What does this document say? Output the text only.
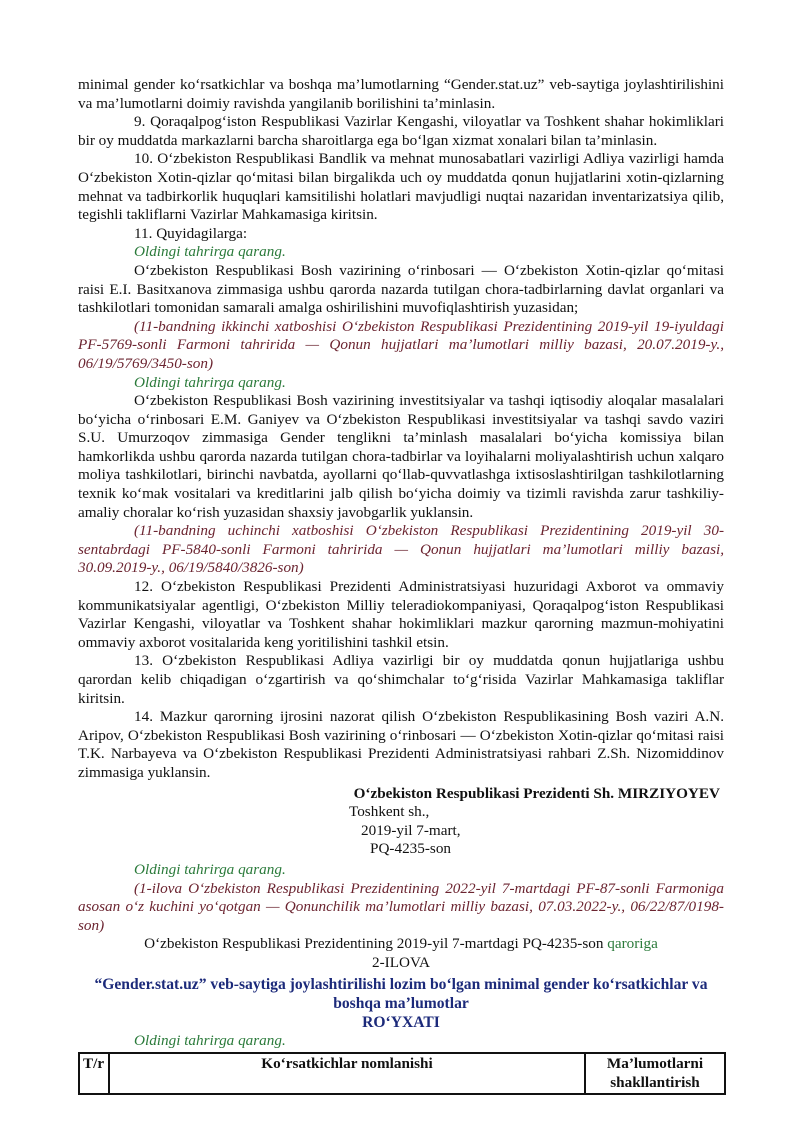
minimal gender ko‘rsatkichlar va boshqa ma’lumotlarning “Gender.stat.uz” veb-saytiga joylashtirilishini va ma’lumotlarni doimiy ravishda yangilanib borilishini ta’minlasin.

9. Qoraqalpog‘iston Respublikasi Vazirlar Kengashi, viloyatlar va Toshkent shahar hokimliklari bir oy muddatda markazlarni barcha sharoitlarga ega bo‘lgan xizmat xonalari bilan ta’minlasin.

10. O‘zbekiston Respublikasi Bandlik va mehnat munosabatlari vazirligi Adliya vazirligi hamda O‘zbekiston Xotin-qizlar qo‘mitasi bilan birgalikda uch oy muddatda qonun hujjatlarini xotin-qizlarning mehnat va tadbirkorlik huquqlari kamsitilishi holatlari mavjudligi nuqtai nazaridan inventarizatsiya qilib, tegishli takliflarni Vazirlar Mahkamasiga kiritsin.

11. Quyidagilarga:

Oldingi tahrirga qarang.

O‘zbekiston Respublikasi Bosh vazirining o‘rinbosari — O‘zbekiston Xotin-qizlar qo‘mitasi raisi E.I. Basitxanova zimmasiga ushbu qarorda nazarda tutilgan chora-tadbirlarning davlat organlari va tashkilotlari tomonidan samarali amalga oshirilishini muvofiqlashtirish yuzasidan;

(11-bandning ikkinchi xatboshisi O‘zbekiston Respublikasi Prezidentining 2019-yil 19-iyuldagi PF-5769-sonli Farmoni tahririda — Qonun hujjatlari ma’lumotlari milliy bazasi, 20.07.2019-y., 06/19/5769/3450-son)

Oldingi tahrirga qarang.

O‘zbekiston Respublikasi Bosh vazirining investitsiyalar va tashqi iqtisodiy aloqalar masalalari bo‘yicha o‘rinbosari E.M. Ganiyev va O‘zbekiston Respublikasi investitsiyalar va tashqi savdo vaziri S.U. Umurzoqov zimmasiga Gender tenglikni ta’minlash masalalari bo‘yicha komissiya bilan hamkorlikda ushbu qarorda nazarda tutilgan chora-tadbirlar va loyihalarni moliyalashtirish uchun xalqaro moliya tashkilotlari, birinchi navbatda, ayollarni qo‘llab-quvvatlashga ixtisoslashtirilgan tashkilotlarning texnik ko‘mak vositalari va kreditlarini jalb qilish bo‘yicha doimiy va tizimli ravishda zarur tashkiliy-amaliy choralar ko‘rish yuzasidan shaxsiy javobgarlik yuklansin.

(11-bandning uchinchi xatboshisi O‘zbekiston Respublikasi Prezidentining 2019-yil 30-sentabrdagi PF-5840-sonli Farmoni tahririda — Qonun hujjatlari ma’lumotlari milliy bazasi, 30.09.2019-y., 06/19/5840/3826-son)

12. O‘zbekiston Respublikasi Prezidenti Administratsiyasi huzuridagi Axborot va ommaviy kommunikatsiyalar agentligi, O‘zbekiston Milliy teleradiokompaniyasi, Qoraqalpog‘iston Respublikasi Vazirlar Kengashi, viloyatlar va Toshkent shahar hokimliklari mazkur qarorning mazmun-mohiyatini ommaviy axborot vositalarida keng yoritilishini tashkil etsin.

13. O‘zbekiston Respublikasi Adliya vazirligi bir oy muddatda qonun hujjatlariga ushbu qarordan kelib chiqadigan o‘zgartirish va qo‘shimchalar to‘g‘risida Vazirlar Mahkamasiga takliflar kiritsin.

14. Mazkur qarorning ijrosini nazorat qilish O‘zbekiston Respublikasining Bosh vaziri A.N. Aripov, O‘zbekiston Respublikasi Bosh vazirining o‘rinbosari — O‘zbekiston Xotin-qizlar qo‘mitasi raisi T.K. Narbayeva va O‘zbekiston Respublikasi Prezidenti Administratsiyasi rahbari Z.Sh. Nizomiddinov zimmasiga yuklansin.

O‘zbekiston Respublikasi Prezidenti Sh. MIRZIYOYEV
Toshkent sh.,
2019-yil 7-mart,
PQ-4235-son

Oldingi tahrirga qarang.

(1-ilova O‘zbekiston Respublikasi Prezidentining 2022-yil 7-martdagi PF-87-sonli Farmoniga asosan o‘z kuchini yo‘qotgan — Qonunchilik ma’lumotlari milliy bazasi, 07.03.2022-y., 06/22/87/0198-son)

O‘zbekiston Respublikasi Prezidentining 2019-yil 7-martdagi PQ-4235-son qaroriga
2-ILOVA
“Gender.stat.uz” veb-saytiga joylashtirilishi lozim bo‘lgan minimal gender ko‘rsatkichlar va
boshqa ma’lumotlar
RO‘YXATI

Oldingi tahrirga qarang.

T/r	Ko‘rsatkichlar nomlanishi	Ma’lumotlarni shakllantirish
